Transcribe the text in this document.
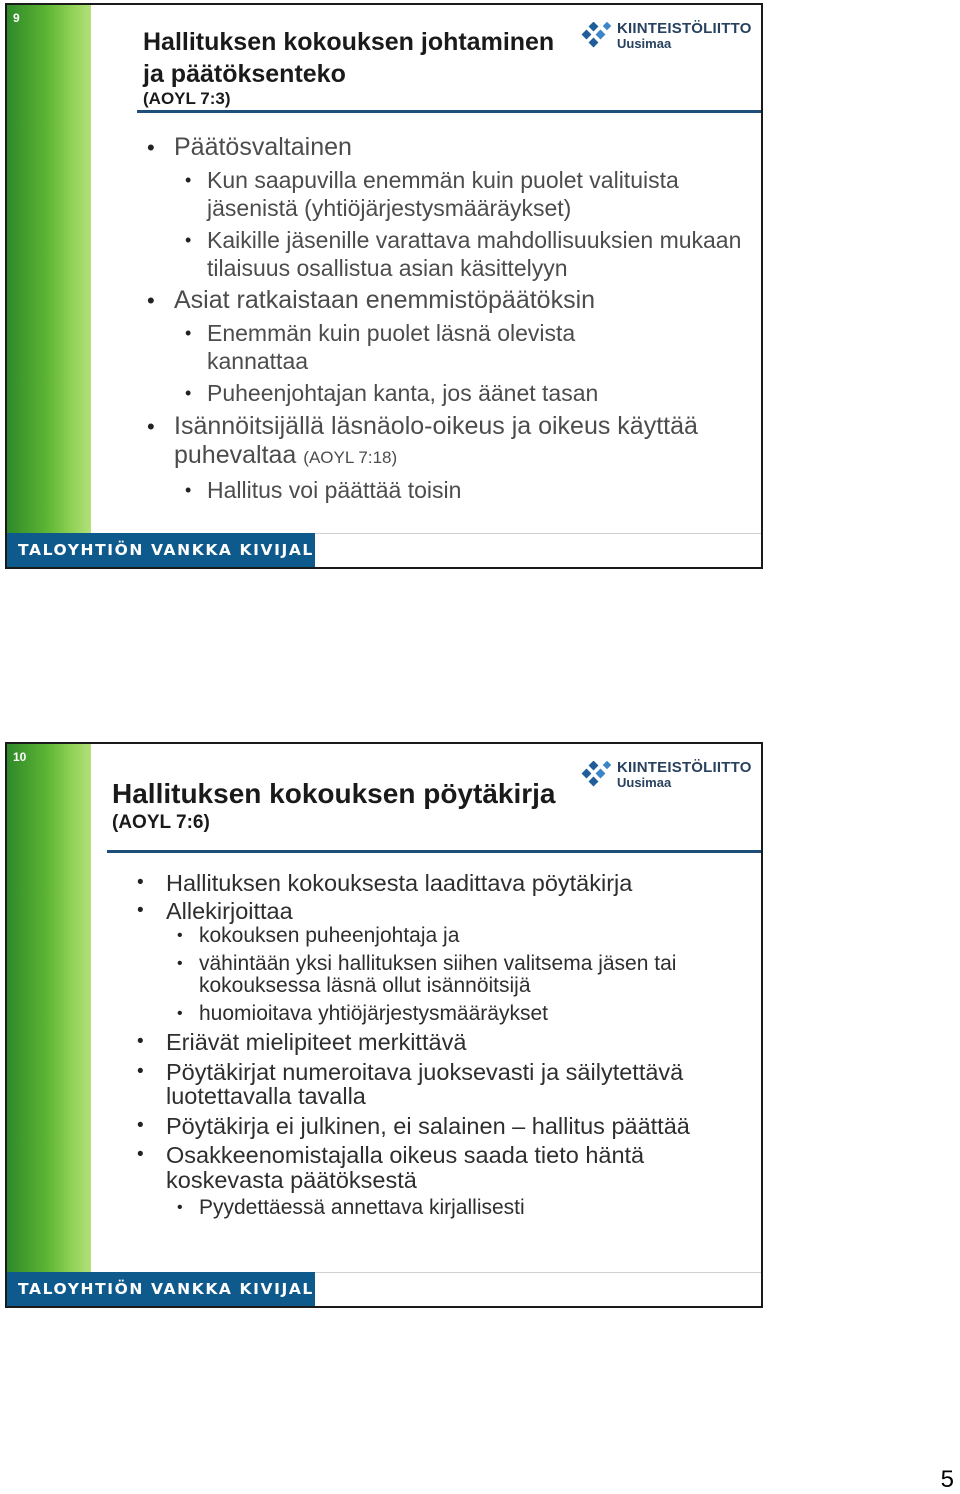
9
KIINTEISTÖLIITTO
Uusimaa
Hallituksen kokouksen johtaminen ja päätöksenteko
(AOYL 7:3)
• Päätösvaltainen
• Kun saapuvilla enemmän kuin puolet valituista jäsenistä (yhtiöjärjestysmääräykset)
• Kaikille jäsenille varattava mahdollisuuksien mukaan tilaisuus osallistua asian käsittelyyn
• Asiat ratkaistaan enemmistöpäätöksin
• Enemmän kuin puolet läsnä olevista kannattaa
• Puheenjohtajan kanta, jos äänet tasan
• Isännöitsijällä läsnäolo-oikeus ja oikeus käyttää puhevaltaa (AOYL 7:18)
• Hallitus voi päättää toisin
TALOYHTIÖN VANKKA KIVIJALKA
10
KIINTEISTÖLIITTO
Uusimaa
Hallituksen kokouksen pöytäkirja
(AOYL 7:6)
• Hallituksen kokouksesta laadittava pöytäkirja
• Allekirjoittaa
• kokouksen puheenjohtaja ja
• vähintään yksi hallituksen siihen valitsema jäsen tai kokouksessa läsnä ollut isännöitsijä
• huomioitava yhtiöjärjestysmääräykset
• Eriävät mielipiteet merkittävä
• Pöytäkirjat numeroitava juoksevasti ja säilytettävä luotettavalla tavalla
• Pöytäkirja ei julkinen, ei salainen – hallitus päättää
• Osakkeenomistajalla oikeus saada tieto häntä koskevasta päätöksestä
• Pyydettäessä annettava kirjallisesti
TALOYHTIÖN VANKKA KIVIJALKA
5
